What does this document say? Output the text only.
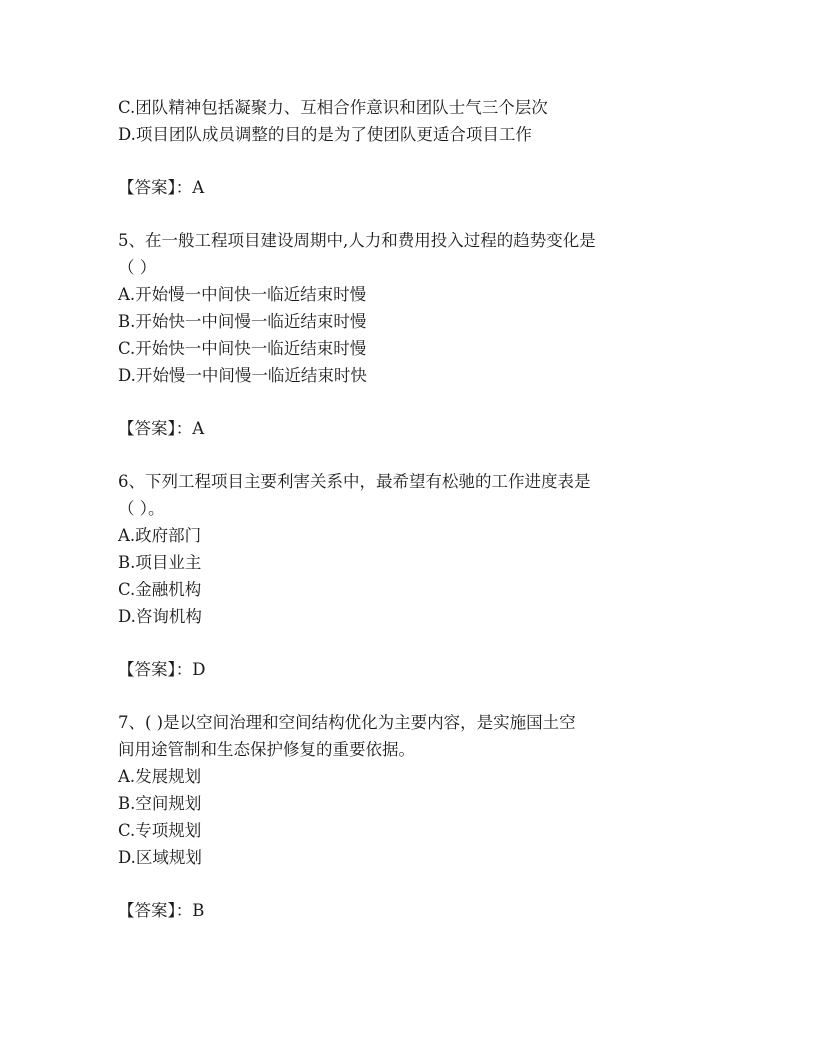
C.团队精神包括凝聚力、互相合作意识和团队士气三个层次
D.项目团队成员调整的目的是为了使团队更适合项目工作
【答案】：A
5、在一般工程项目建设周期中,人力和费用投入过程的趋势变化是
（ ）
A.开始慢一中间快一临近结束时慢
B.开始快一中间慢一临近结束时慢
C.开始快一中间快一临近结束时慢
D.开始慢一中间慢一临近结束时快
【答案】：A
6、下列工程项目主要利害关系中，最希望有松驰的工作进度表是
（ ）。
A.政府部门
B.项目业主
C.金融机构
D.咨询机构
【答案】：D
7、( )是以空间治理和空间结构优化为主要内容，是实施国土空
间用途管制和生态保护修复的重要依据。
A.发展规划
B.空间规划
C.专项规划
D.区域规划
【答案】：B
